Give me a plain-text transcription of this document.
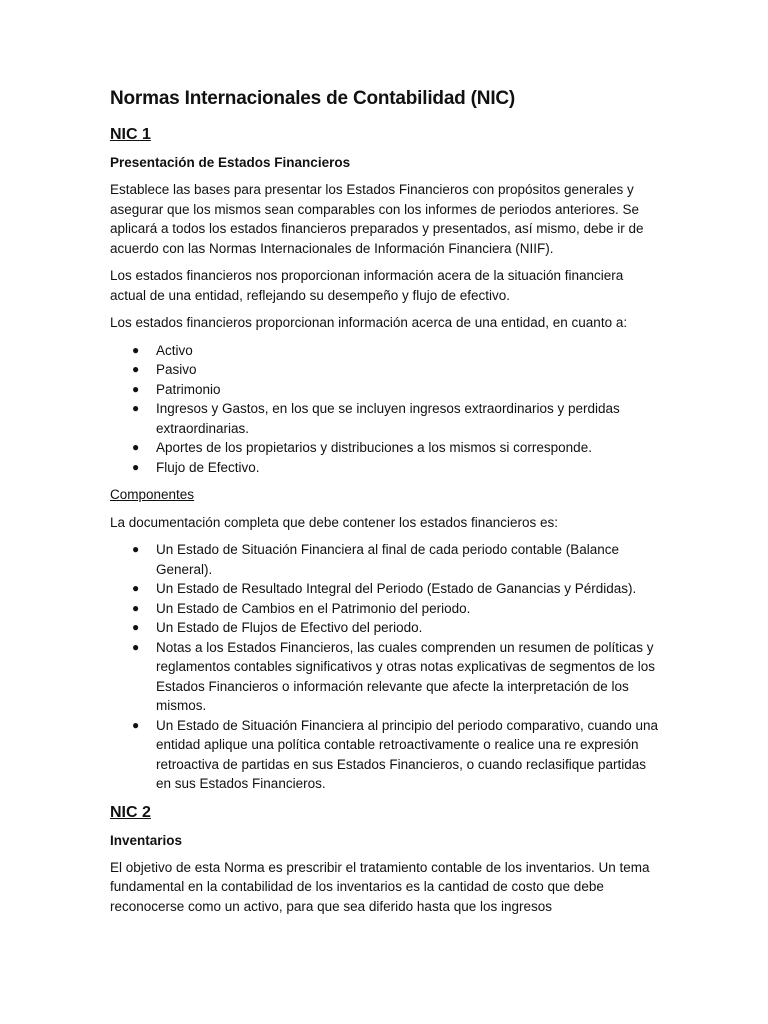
Normas Internacionales de Contabilidad (NIC)
NIC 1
Presentación de Estados Financieros

Establece las bases para presentar los Estados Financieros con propósitos generales y asegurar que los mismos sean comparables con los informes de periodos anteriores. Se aplicará a todos los estados financieros preparados y presentados, así mismo, debe ir de acuerdo con las Normas Internacionales de Información Financiera (NIIF).

Los estados financieros nos proporcionan información acera de la situación financiera actual de una entidad, reflejando su desempeño y flujo de efectivo.

Los estados financieros proporcionan información acerca de una entidad, en cuanto a:

● Activo
● Pasivo
● Patrimonio
● Ingresos y Gastos, en los que se incluyen ingresos extraordinarios y perdidas extraordinarias.
● Aportes de los propietarios y distribuciones a los mismos si corresponde.
● Flujo de Efectivo.

Componentes

La documentación completa que debe contener los estados financieros es:

● Un Estado de Situación Financiera al final de cada periodo contable (Balance General).
● Un Estado de Resultado Integral del Periodo (Estado de Ganancias y Pérdidas).
● Un Estado de Cambios en el Patrimonio del periodo.
● Un Estado de Flujos de Efectivo del periodo.
● Notas a los Estados Financieros, las cuales comprenden un resumen de políticas y reglamentos contables significativos y otras notas explicativas de segmentos de los Estados Financieros o información relevante que afecte la interpretación de los mismos.
● Un Estado de Situación Financiera al principio del periodo comparativo, cuando una entidad aplique una política contable retroactivamente o realice una re expresión retroactiva de partidas en sus Estados Financieros, o cuando reclasifique partidas en sus Estados Financieros.
NIC 2
Inventarios

El objetivo de esta Norma es prescribir el tratamiento contable de los inventarios. Un tema fundamental en la contabilidad de los inventarios es la cantidad de costo que debe reconocerse como un activo, para que sea diferido hasta que los ingresos
